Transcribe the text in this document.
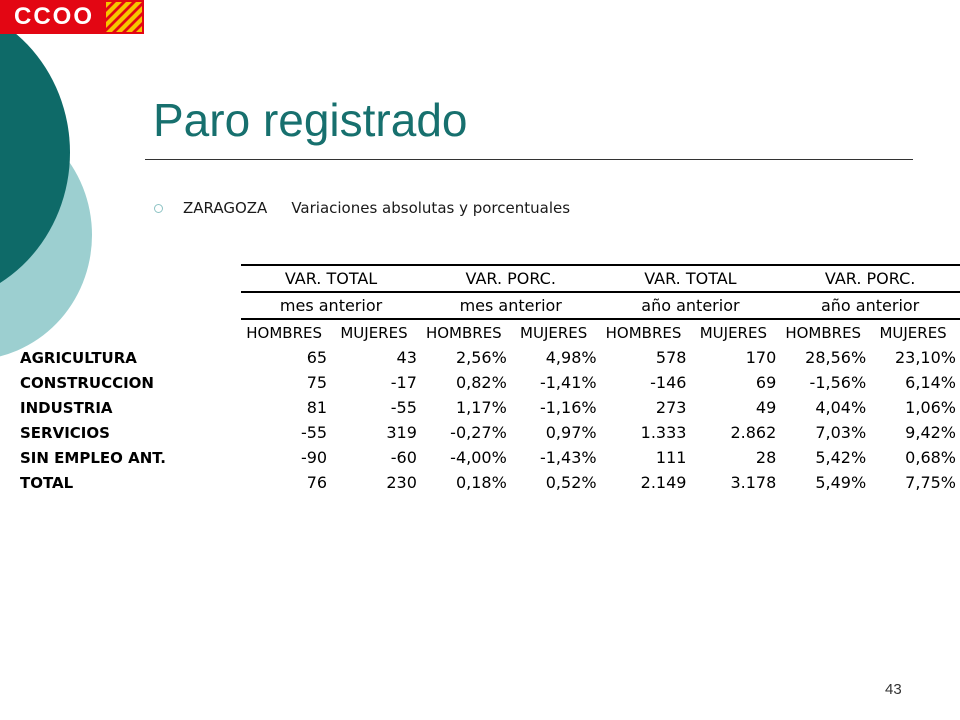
CCOO
Paro registrado
ZARAGOZA Variaciones absolutas y porcentuales
	VAR. TOTAL		VAR. PORC.		VAR. TOTAL		VAR. PORC.	
	mes anterior		mes anterior		año anterior		año anterior	
	HOMBRES	MUJERES	HOMBRES	MUJERES	HOMBRES	MUJERES	HOMBRES	MUJERES
AGRICULTURA	65	43	2,56%	4,98%	578	170	28,56%	23,10%
CONSTRUCCION	75	-17	0,82%	-1,41%	-146	69	-1,56%	6,14%
INDUSTRIA	81	-55	1,17%	-1,16%	273	49	4,04%	1,06%
SERVICIOS	-55	319	-0,27%	0,97%	1.333	2.862	7,03%	9,42%
SIN EMPLEO ANT.	-90	-60	-4,00%	-1,43%	111	28	5,42%	0,68%
TOTAL	76	230	0,18%	0,52%	2.149	3.178	5,49%	7,75%
43
